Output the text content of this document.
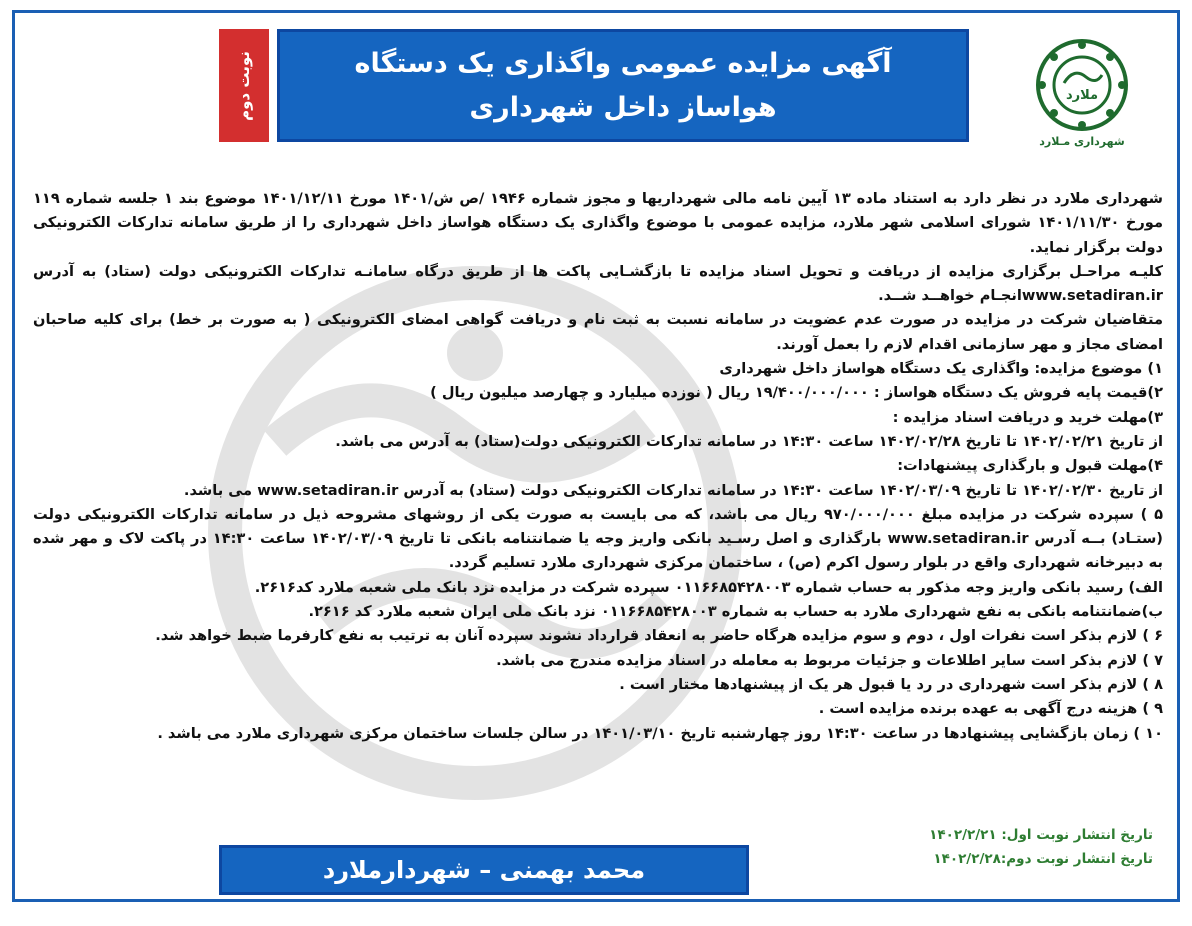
ملارد
شهرداری مـلارد
آگهی مزایده عمومی واگذاری یک دستگاه
هواساز داخل شهرداری
نوبت دوم

شهرداری ملارد در نظر دارد به استناد ماده ۱۳ آیین نامه مالی شهرداریها و مجوز شماره ۱۹۴۶ /ص ش/۱۴۰۱ مورخ ۱۴۰۱/۱۲/۱۱ موضوع بند ۱ جلسه شماره ۱۱۹ مورخ ۱۴۰۱/۱۱/۳۰ شورای اسلامی شهر ملارد، مزایده عمومی با موضوع واگذاری یک دستگاه هواساز داخل شهرداری را از طریق سامانه تدارکات الکترونیکی دولت برگزار نماید.

کلیـه مراحـل برگزاری مزایده از دریافت و تحویل اسناد مزایده تا بازگشـایی پاکت ها از طریق درگاه سامانـه تدارکات الکترونیکی دولت (ستاد) به آدرس www.setadiran.irانجـام خواهــد شــد.

متقاضیان شرکت در مزایده در صورت عدم عضویت در سامانه نسبت به ثبت نام و دریافت گواهی امضای الکترونیکی ( به صورت بر خط) برای کلیه صاحبان امضای مجاز و مهر سازمانی اقدام لازم را بعمل آورند.

۱) موضوع مزایده: واگذاری یک دستگاه هواساز داخل شهرداری

۲)قیمت پایه فروش یک دستگاه هواساز : ۱۹/۴۰۰/۰۰۰/۰۰۰ ریال ( نوزده میلیارد و چهارصد میلیون ریال )

۳)مهلت خرید و دریافت اسناد مزایده :

از تاریخ ۱۴۰۲/۰۲/۲۱ تا تاریخ ۱۴۰۲/۰۲/۲۸ ساعت ۱۴:۳۰ در سامانه تدارکات الکترونیکی دولت(ستاد) به آدرس می باشد.

۴)مهلت قبول و بارگذاری پیشنهادات:

از تاریخ ۱۴۰۲/۰۲/۳۰ تا تاریخ ۱۴۰۲/۰۳/۰۹ ساعت ۱۴:۳۰ در سامانه تدارکات الکترونیکی دولت (ستاد) به آدرس www.setadiran.ir می باشد.

۵ ) سپرده شرکت در مزایده مبلغ ۹۷۰/۰۰۰/۰۰۰ ریال می باشد، که می بایست به صورت یکی از روشهای مشروحه ذیل در سامانه تدارکات الکترونیکی دولت (ستـاد) بــه آدرس www.setadiran.ir بارگذاری و اصل رسـید بانکی واریز وجه یا ضمانتنامه بانکی تا تاریخ ۱۴۰۲/۰۳/۰۹ ساعت ۱۴:۳۰ در پاکت لاک و مهر شده به دبیرخانه شهرداری واقع در بلوار رسول اکرم (ص) ، ساختمان مرکزی شهرداری ملارد تسلیم گردد.

الف) رسید بانکی واریز وجه مذکور به حساب شماره ۰۱۱۶۶۸۵۴۲۸۰۰۳ سپرده شرکت در مزایده نزد بانک ملی شعبه ملارد کد۲۶۱۶.

ب)ضمانتنامه بانکی به نفع شهرداری ملارد به حساب به شماره ۰۱۱۶۶۸۵۴۲۸۰۰۳ نزد بانک ملی ایران شعبه ملارد کد ۲۶۱۶.

۶ ) لازم بذکر است نفرات اول ، دوم و سوم مزایده هرگاه حاضر به انعقاد قرارداد نشوند سپرده آنان به ترتیب به نفع کارفرما ضبط خواهد شد.

۷ ) لازم بذکر است سایر اطلاعات و جزئیات مربوط به معامله در اسناد مزایده مندرج می باشد.

۸ ) لازم بذکر است شهرداری در رد یا قبول هر یک از پیشنهادها مختار است .

۹ ) هزینه درج آگهی به عهده برنده مزایده است .

۱۰ ) زمان بازگشایی پیشنهادها در ساعت ۱۴:۳۰ روز چهارشنبه تاریخ ۱۴۰۱/۰۳/۱۰ در سالن جلسات ساختمان مرکزی شهرداری ملارد می باشد .

تاریخ انتشار نوبت اول: ۱۴۰۲/۲/۲۱
تاریخ انتشار نوبت دوم:۱۴۰۲/۲/۲۸
محمد بهمنی – شهردارملارد
